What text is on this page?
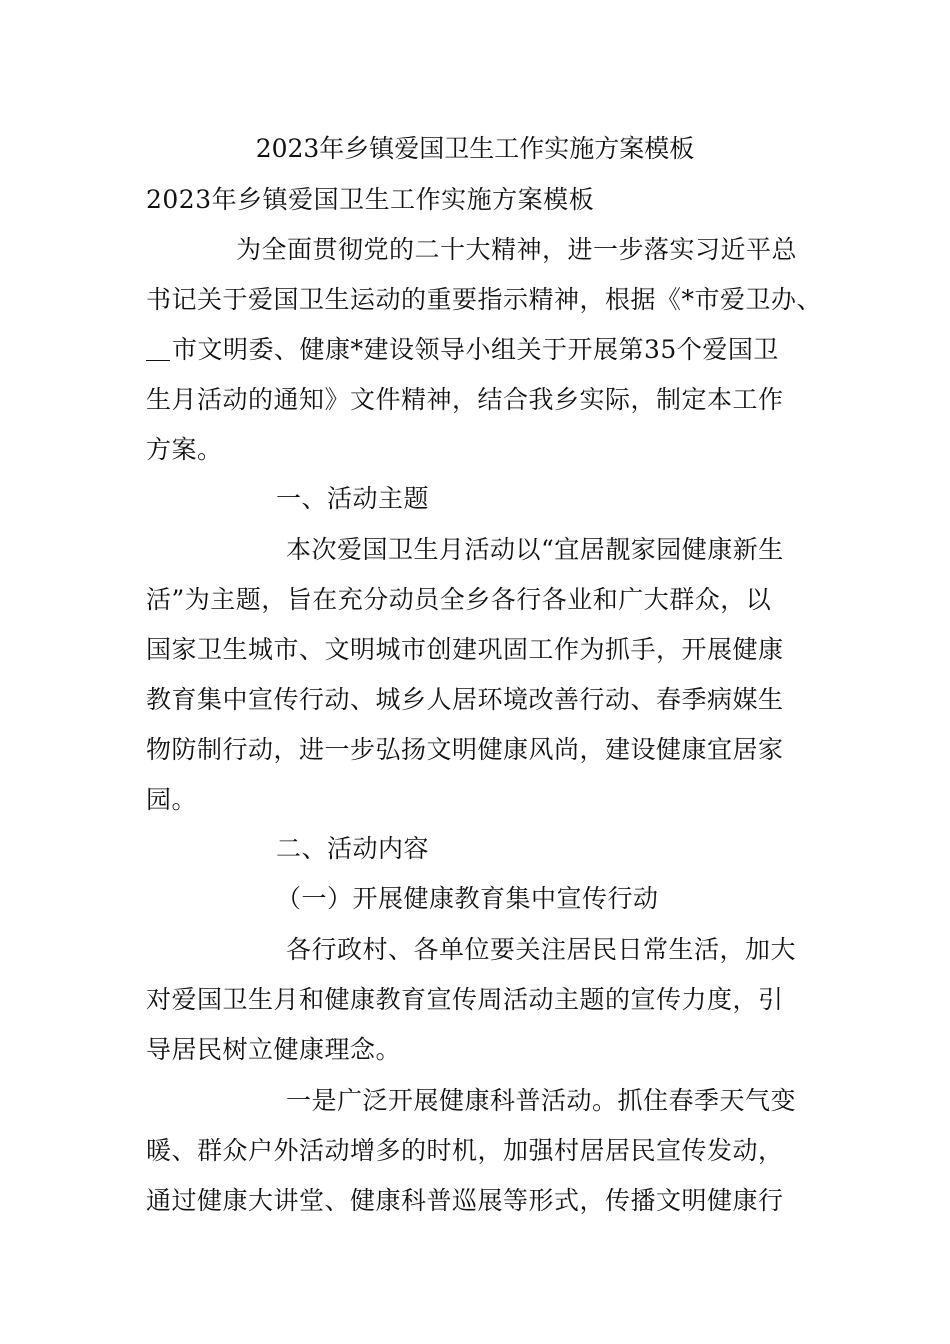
2023年乡镇爱国卫生工作实施方案模板
2023年乡镇爱国卫生工作实施方案模板
为全面贯彻党的二十大精神，进一步落实习近平总
书记关于爱国卫生运动的重要指示精神，根据《*市爱卫办、
市文明委、健康*建设领导小组关于开展第35个爱国卫
生月活动的通知》文件精神，结合我乡实际，制定本工作
方案。
一、活动主题
本次爱国卫生月活动以“宜居靓家园健康新生
活”为主题，旨在充分动员全乡各行各业和广大群众，以
国家卫生城市、文明城市创建巩固工作为抓手，开展健康
教育集中宣传行动、城乡人居环境改善行动、春季病媒生
物防制行动，进一步弘扬文明健康风尚，建设健康宜居家
园。
二、活动内容
（一）开展健康教育集中宣传行动
各行政村、各单位要关注居民日常生活，加大
对爱国卫生月和健康教育宣传周活动主题的宣传力度，引
导居民树立健康理念。
一是广泛开展健康科普活动。抓住春季天气变
暖、群众户外活动增多的时机，加强村居居民宣传发动，
通过健康大讲堂、健康科普巡展等形式，传播文明健康行
